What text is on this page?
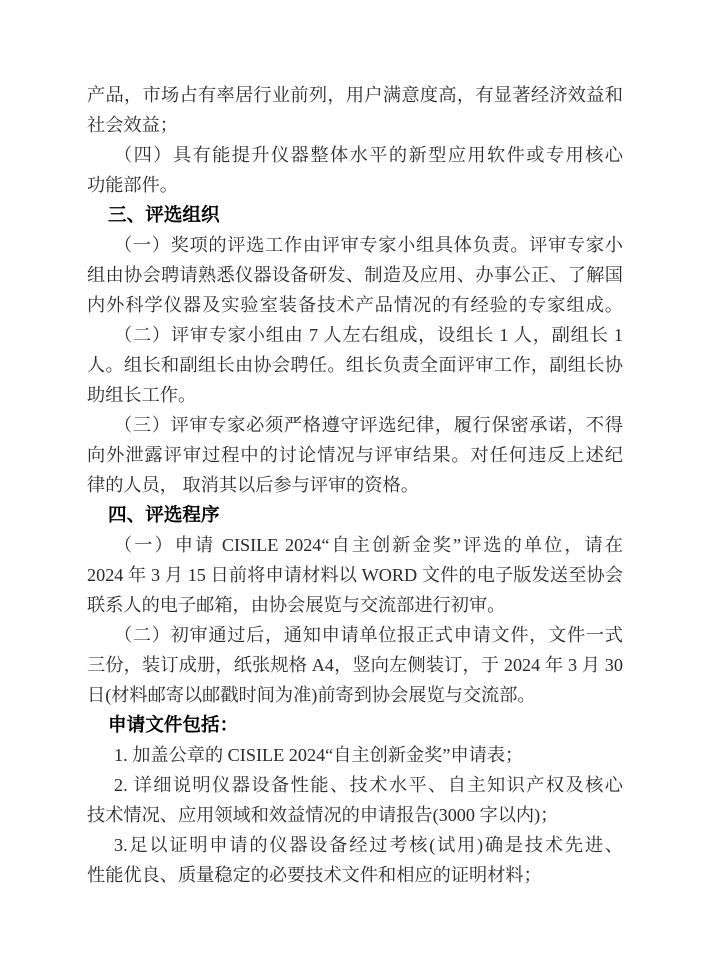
产品，市场占有率居行业前列，用户满意度高，有显著经济效益和
社会效益；
（四）具有能提升仪器整体水平的新型应用软件或专用核心
功能部件。
三、评选组织
（一）奖项的评选工作由评审专家小组具体负责。评审专家小
组由协会聘请熟悉仪器设备研发、制造及应用、办事公正、了解国
内外科学仪器及实验室装备技术产品情况的有经验的专家组成。
（二）评审专家小组由 7 人左右组成，设组长 1 人，副组长 1
人。组长和副组长由协会聘任。组长负责全面评审工作，副组长协
助组长工作。
（三）评审专家必须严格遵守评选纪律，履行保密承诺，不得
向外泄露评审过程中的讨论情况与评审结果。对任何违反上述纪
律的人员， 取消其以后参与评审的资格。
四、评选程序
（一）申请 CISILE 2024“自主创新金奖”评选的单位，请在
2024 年 3 月 15 日前将申请材料以 WORD 文件的电子版发送至协会
联系人的电子邮箱，由协会展览与交流部进行初审。
（二）初审通过后，通知申请单位报正式申请文件，文件一式
三份，装订成册，纸张规格 A4，竖向左侧装订，于 2024 年 3 月 30
日(材料邮寄以邮戳时间为准)前寄到协会展览与交流部。
申请文件包括：
1. 加盖公章的 CISILE 2024“自主创新金奖”申请表；
2. 详细说明仪器设备性能、技术水平、自主知识产权及核心
技术情况、应用领域和效益情况的申请报告(3000 字以内)；
3.足以证明申请的仪器设备经过考核(试用)确是技术先进、
性能优良、质量稳定的必要技术文件和相应的证明材料；
